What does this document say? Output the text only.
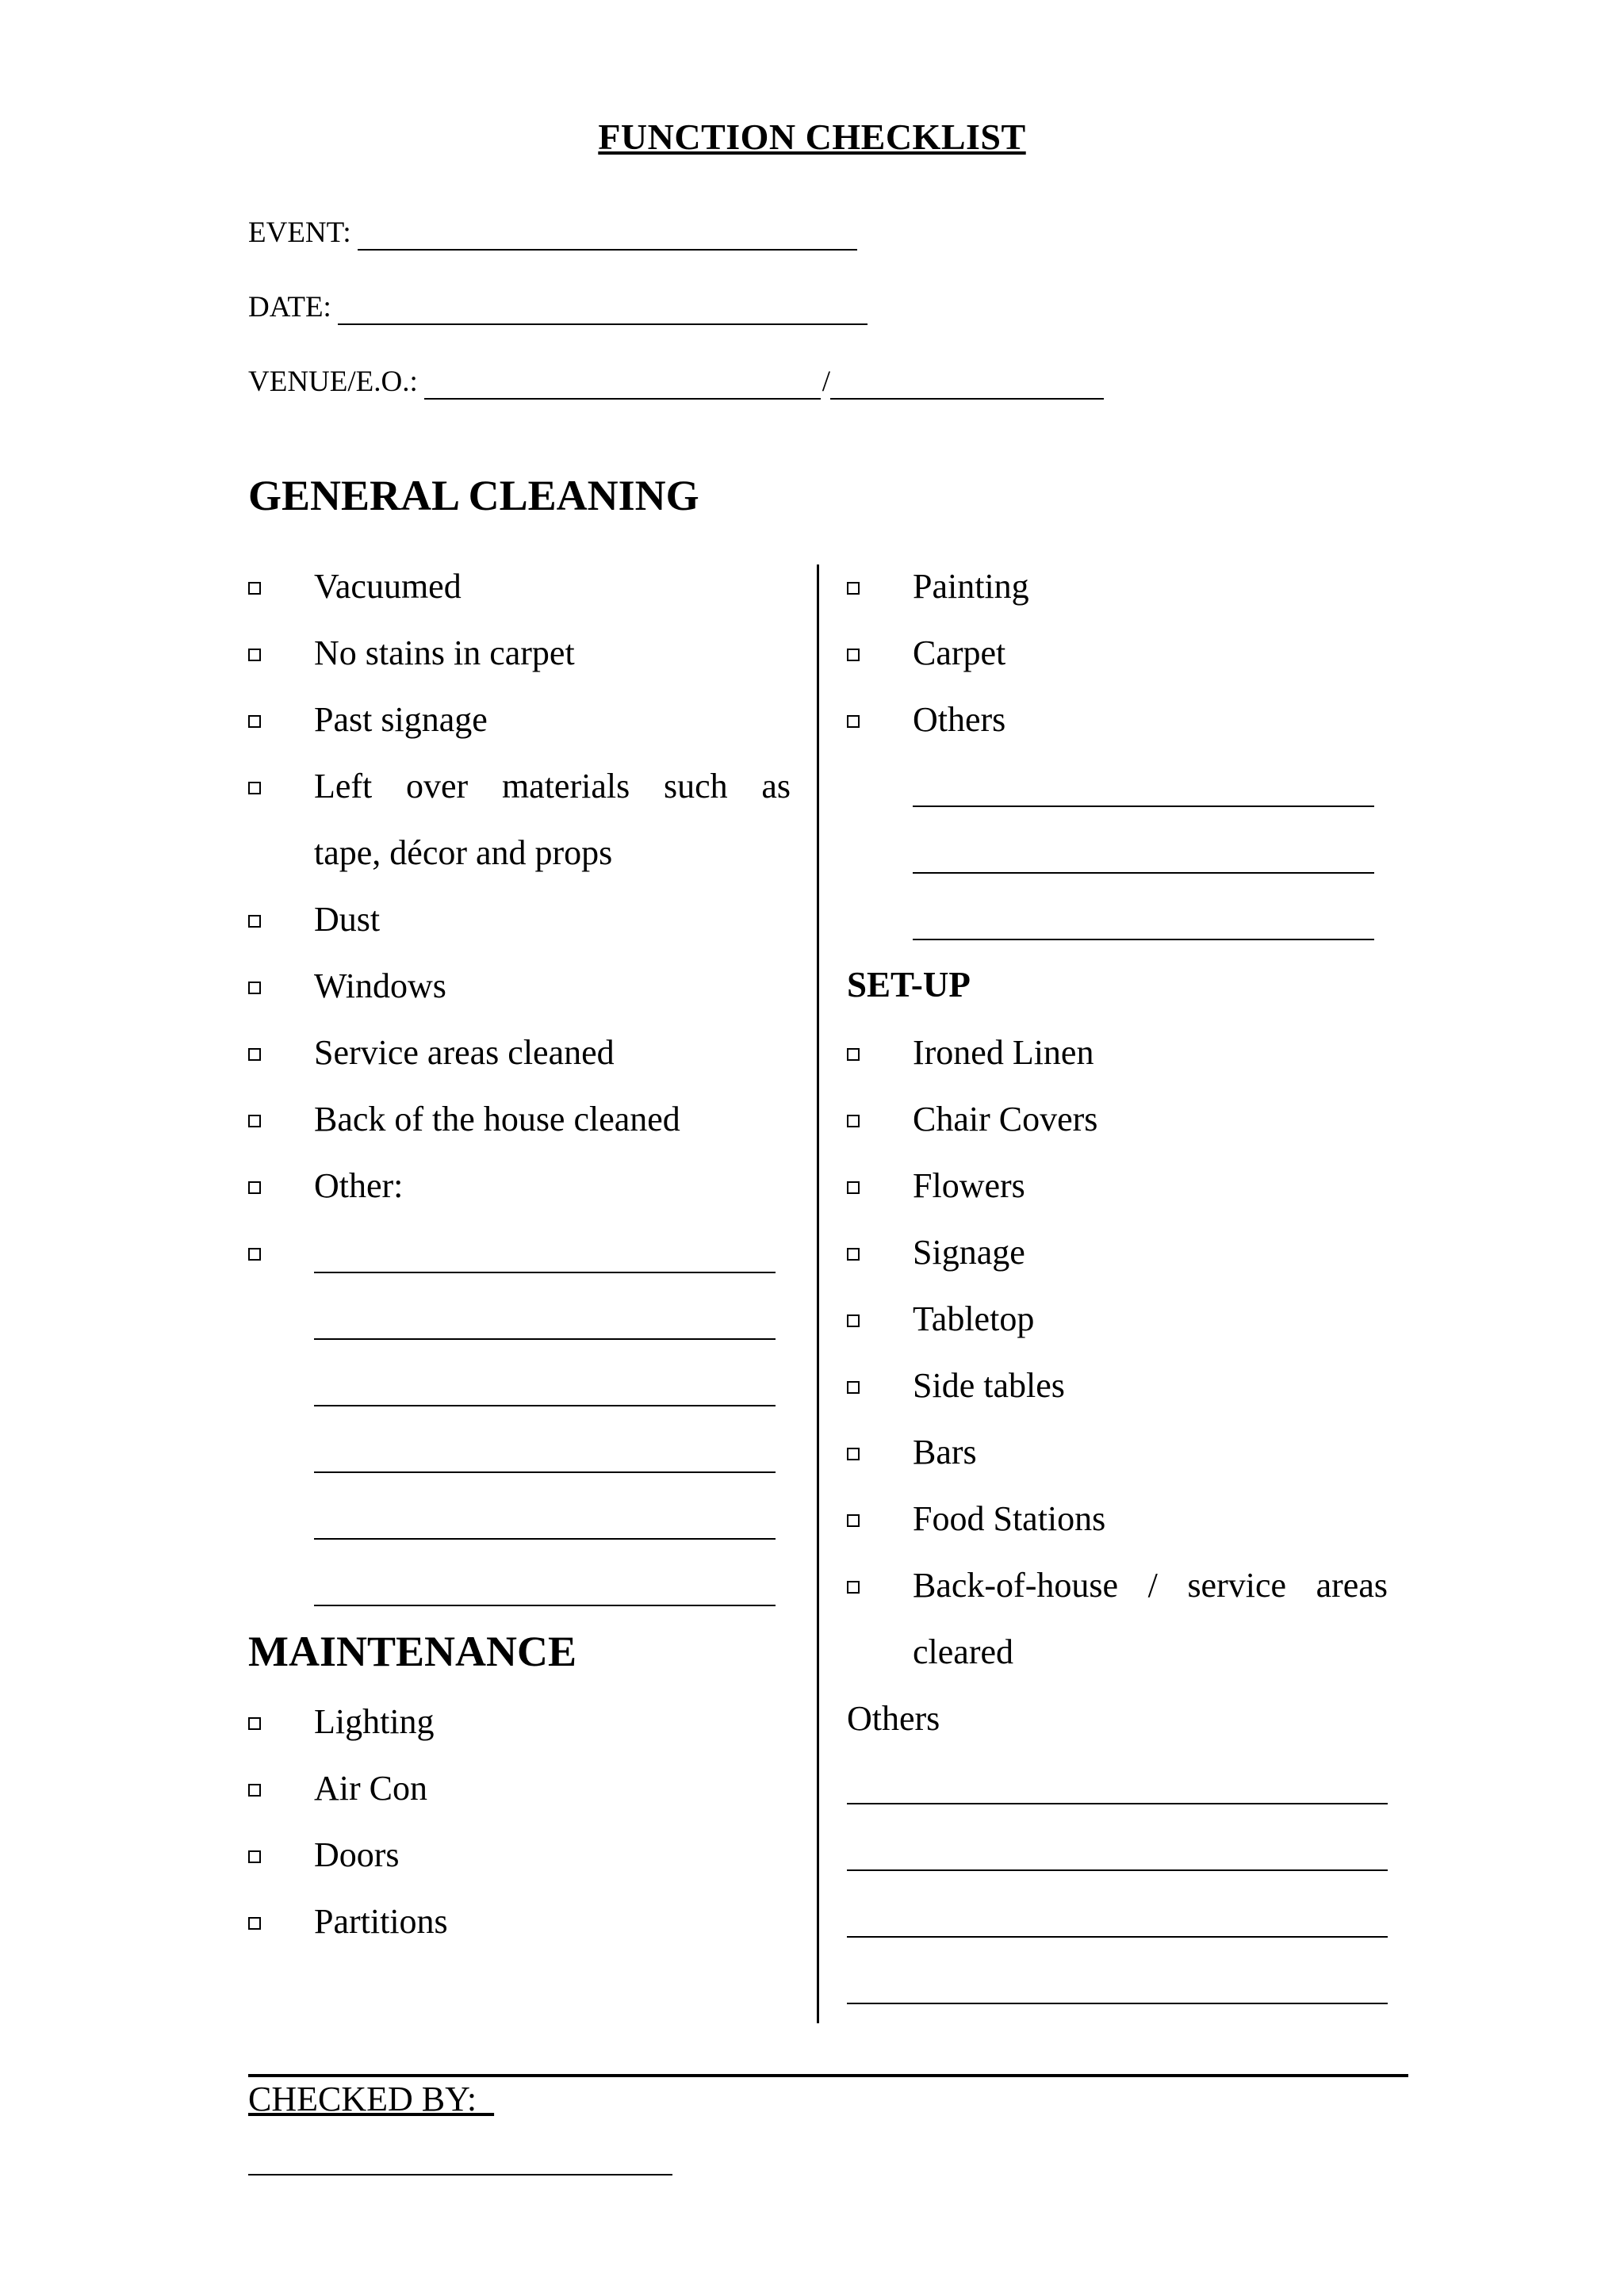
FUNCTION CHECKLIST
EVENT:
DATE:
VENUE/E.O.:	/
GENERAL CLEANING
Vacuumed
No stains in carpet
Past signage
Left over materials such as
tape, décor and props
Dust
Windows
Service areas cleaned
Back of the house cleaned
Other:
MAINTENANCE
Lighting
Air Con
Doors
Partitions
Painting
Carpet
Others
SET-UP
Ironed Linen
Chair Covers
Flowers
Signage
Tabletop
Side tables
Bars
Food Stations
Back-of-house / service areas
cleared
Others
CHECKED BY:
